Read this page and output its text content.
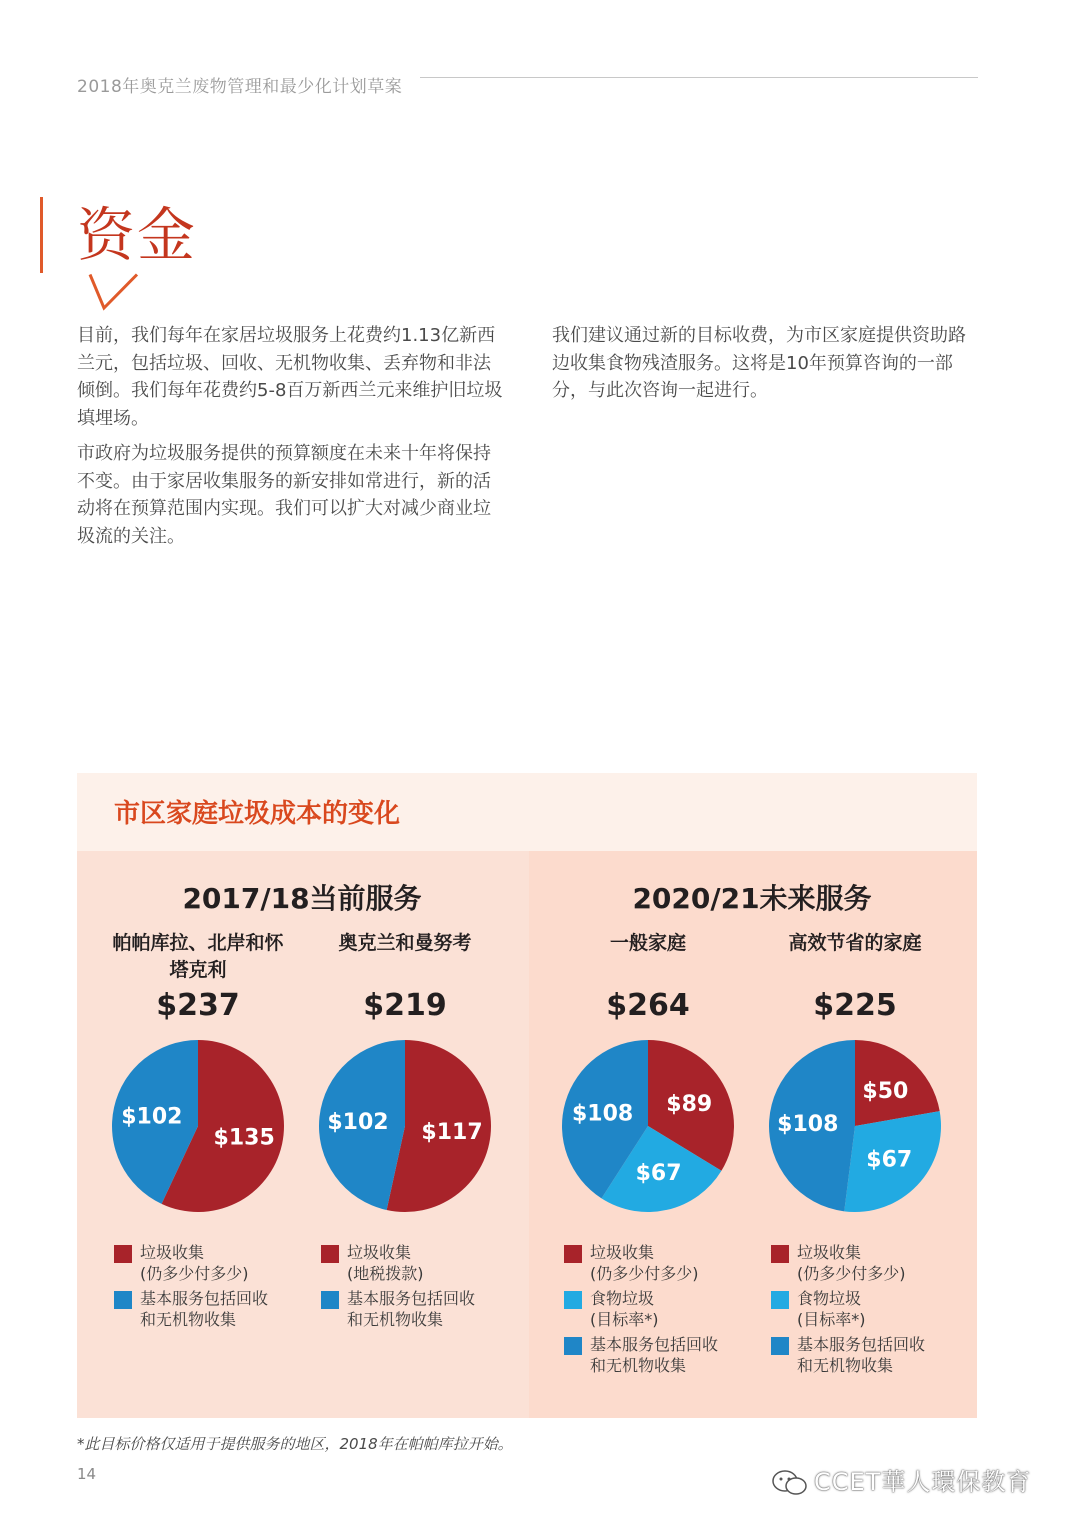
2018年奥克兰废物管理和最少化计划草案
资金
目前，我们每年在家居垃圾服务上花费约1.13亿新西兰元，包括垃圾、回收、无机物收集、丢弃物和非法倾倒。我们每年花费约5-8百万新西兰元来维护旧垃圾填埋场。
市政府为垃圾服务提供的预算额度在未来十年将保持不变。由于家居收集服务的新安排如常进行，新的活动将在预算范围内实现。我们可以扩大对减少商业垃圾流的关注。
我们建议通过新的目标收费，为市区家庭提供资助路边收集食物残渣服务。这将是10年预算咨询的一部分，与此次咨询一起进行。
市区家庭垃圾成本的变化
2017/18当前服务	2020/21未来服务
帕帕库拉、北岸和怀塔克利
$237
$135
$102
垃圾收集
(仍多少付多少)
基本服务包括回收
和无机物收集
奥克兰和曼努考
$219
$117
$102
垃圾收集
(地税拨款)
基本服务包括回收
和无机物收集
一般家庭
$264
$89
$67
$108
垃圾收集
(仍多少付多少)
食物垃圾
(目标率*)
基本服务包括回收
和无机物收集
高效节省的家庭
$225
$50
$67
$108
垃圾收集
(仍多少付多少)
食物垃圾
(目标率*)
基本服务包括回收
和无机物收集
*此目标价格仅适用于提供服务的地区，2018年在帕帕库拉开始。
14	CCET華人環保教育
